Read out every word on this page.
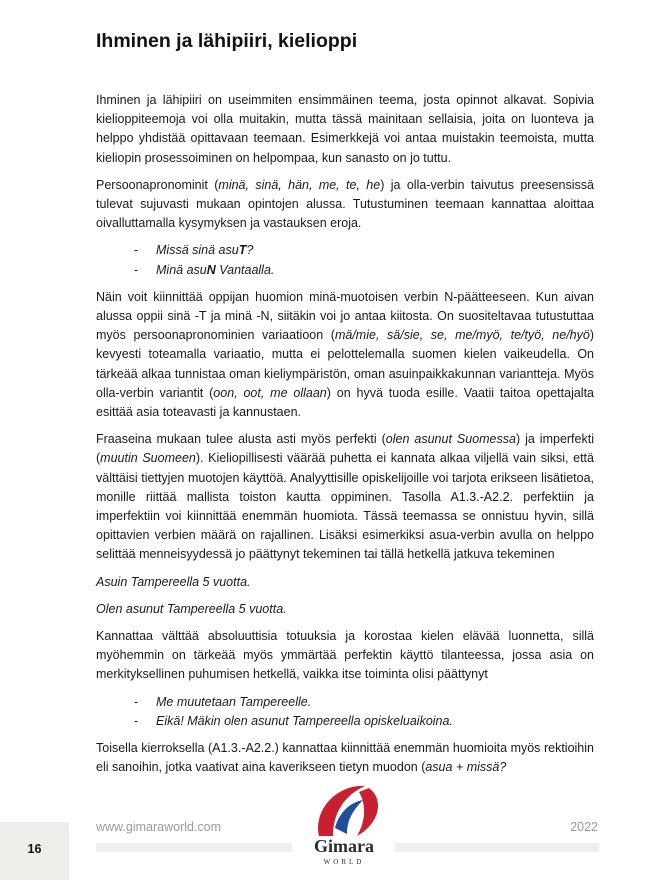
Ihminen ja lähipiiri, kielioppi

Ihminen ja lähipiiri on useimmiten ensimmäinen teema, josta opinnot alkavat. Sopivia kielioppiteemoja voi olla muitakin, mutta tässä mainitaan sellaisia, joita on luonteva ja helppo yhdistää opittavaan teemaan. Esimerkkejä voi antaa muistakin teemoista, mutta kieliopin prosessoiminen on helpompaa, kun sanasto on jo tuttu.

Persoonapronominit (minä, sinä, hän, me, te, he) ja olla-verbin taivutus preesensissä tulevat sujuvasti mukaan opintojen alussa. Tutustuminen teemaan kannattaa aloittaa oivalluttamalla kysymyksen ja vastauksen eroja.

- Missä sinä asuT?
- Minä asuN Vantaalla.

Näin voit kiinnittää oppijan huomion minä-muotoisen verbin N-päätteeseen. Kun aivan alussa oppii sinä -T ja minä -N, siitäkin voi jo antaa kiitosta. On suositeltavaa tutustuttaa myös persoonapronominien variaatioon (mä/mie, sä/sie, se, me/myö, te/työ, ne/hyö) kevyesti toteamalla variaatio, mutta ei pelottelemalla suomen kielen vaikeudella. On tärkeää alkaa tunnistaa oman kieliympäristön, oman asuinpaikkakunnan variantteja. Myös olla-verbin variantit (oon, oot, me ollaan) on hyvä tuoda esille. Vaatii taitoa opettajalta esittää asia toteavasti ja kannustaen.

Fraaseina mukaan tulee alusta asti myös perfekti (olen asunut Suomessa) ja imperfekti (muutin Suomeen). Kieliopillisesti väärää puhetta ei kannata alkaa viljellä vain siksi, että välttäisi tiettyjen muotojen käyttöä. Analyyttisille opiskelijoille voi tarjota erikseen lisätietoa, monille riittää mallista toiston kautta oppiminen. Tasolla A1.3.-A2.2. perfektiin ja imperfektiin voi kiinnittää enemmän huomiota. Tässä teemassa se onnistuu hyvin, sillä opittavien verbien määrä on rajallinen. Lisäksi esimerkiksi asua-verbin avulla on helppo selittää menneisyydessä jo päättynyt tekeminen tai tällä hetkellä jatkuva tekeminen

Asuin Tampereella 5 vuotta.

Olen asunut Tampereella 5 vuotta.

Kannattaa välttää absoluuttisia totuuksia ja korostaa kielen elävää luonnetta, sillä myöhemmin on tärkeää myös ymmärtää perfektin käyttö tilanteessa, jossa asia on merkityksellinen puhumisen hetkellä, vaikka itse toiminta olisi päättynyt

- Me muutetaan Tampereelle.
- Eikä! Mäkin olen asunut Tampereella opiskeluaikoina.

Toisella kierroksella (A1.3.-A2.2.) kannattaa kiinnittää enemmän huomioita myös rektioihin eli sanoihin, jotka vaativat aina kaverikseen tietyn muodon (asua + missä?

www.gimaraworld.com	2022
16	Gimara
WORLD
